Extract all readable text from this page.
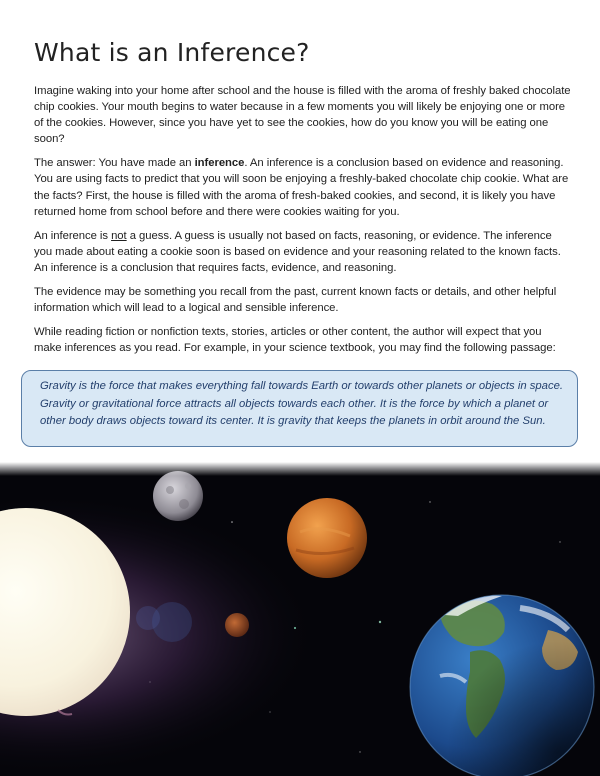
What is an Inference?

Imagine waking into your home after school and the house is filled with the aroma of freshly baked chocolate chip cookies. Your mouth begins to water because in a few moments you will likely be enjoying one or more of the cookies. However, since you have yet to see the cookies, how do you know you will be eating one soon?

The answer: You have made an inference. An inference is a conclusion based on evidence and reasoning. You are using facts to predict that you will soon be enjoying a freshly-baked chocolate chip cookie. What are the facts? First, the house is filled with the aroma of fresh-baked cookies, and second, it is likely you have returned home from school before and there were cookies waiting for you.

An inference is not a guess. A guess is usually not based on facts, reasoning, or evidence. The inference you made about eating a cookie soon is based on evidence and your reasoning related to the known facts. An inference is a conclusion that requires facts, evidence, and reasoning.

The evidence may be something you recall from the past, current known facts or details, and other helpful information which will lead to a logical and sensible inference.

While reading fiction or nonfiction texts, stories, articles or other content, the author will expect that you make inferences as you read. For example, in your science textbook, you may find the following passage:

Gravity is the force that makes everything fall towards Earth or towards other planets or objects in space. Gravity or gravitational force attracts all objects towards each other. It is the force by which a planet or other body draws objects toward its center. It is gravity that keeps the planets in orbit around the Sun.
